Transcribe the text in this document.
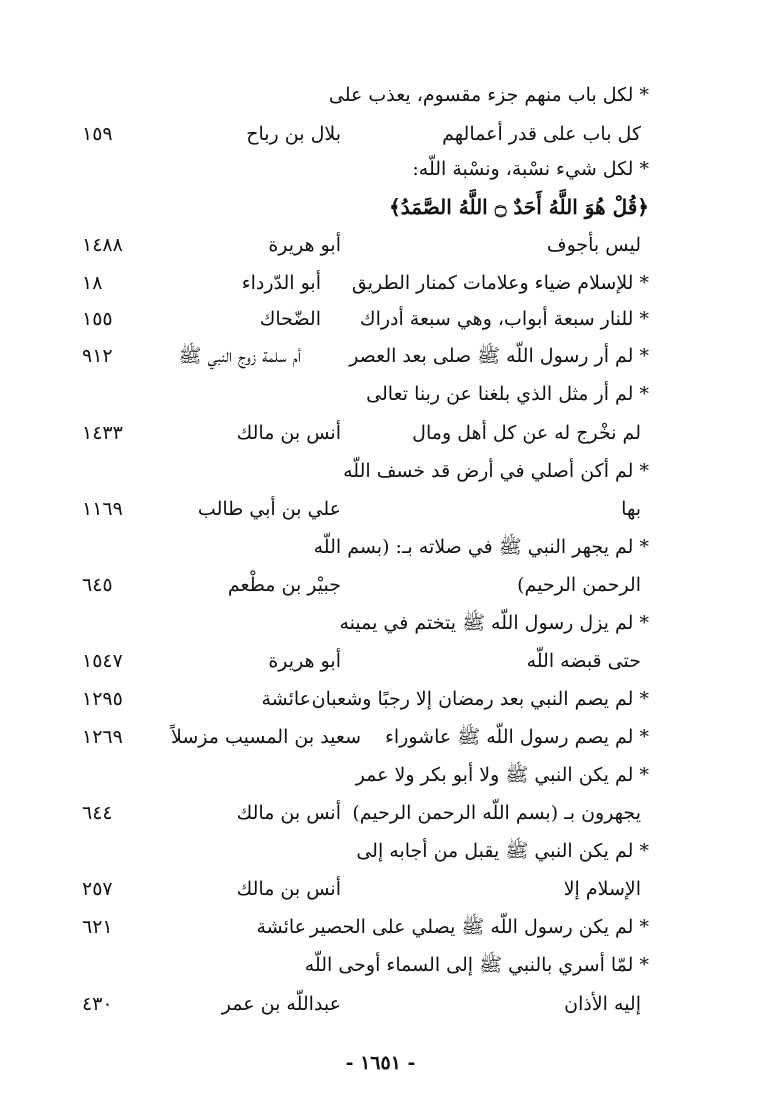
* لكل باب منهم جزء مقسوم، يعذب على
كل باب على قدر أعمالهم
بلال بن رباح
١٥٩
* لكل شيء نسْبة، ونسْبة اللّه:
﴿قُلْ هُوَ اللَّهُ أَحَدٌ ۝ اللَّهُ الصَّمَدُ﴾
ليس بأجوف
أبو هريرة
١٤٨٨
* للإسلام ضياء وعلامات كمنار الطريق
أبو الدّرداء
١٨
* للنار سبعة أبواب، وهي سبعة أدراك
الضّحاك
١٥٥
* لم أر رسول اللّه ﷺ صلى بعد العصر
أم سلمة زوج النبي ﷺ
٩١٢
* لم أر مثل الذي بلغنا عن ربنا تعالى
لم نخْرج له عن كل أهل ومال
أنس بن مالك
١٤٣٣
* لم أكن أصلي في أرض قد خسف اللّه
بها
علي بن أبي طالب
١١٦٩
* لم يجهر النبي ﷺ في صلاته بـ: (بسم اللّه
الرحمن الرحيم)
جبيْر بن مطْعم
٦٤٥
* لم يزل رسول اللّه ﷺ يتختم في يمينه
حتى قبضه اللّه
أبو هريرة
١٥٤٧
* لم يصم النبي بعد رمضان إلا رجبًا وشعبان
عائشة
١٢٩٥
* لم يصم رسول اللّه ﷺ عاشوراء
سعيد بن المسيب مزسلاً
١٢٦٩
* لم يكن النبي ﷺ ولا أبو بكر ولا عمر
يجهرون بـ (بسم اللّه الرحمن الرحيم)
أنس بن مالك
٦٤٤
* لم يكن النبي ﷺ يقبل من أجابه إلى
الإسلام إلا
أنس بن مالك
٢٥٧
* لم يكن رسول اللّه ﷺ يصلي على الحصير
عائشة
٦٢١
* لمّا أسري بالنبي ﷺ إلى السماء أوحى اللّه
إليه الأذان
عبداللّه بن عمر
٤٣٠
- ١٦٥١ -
